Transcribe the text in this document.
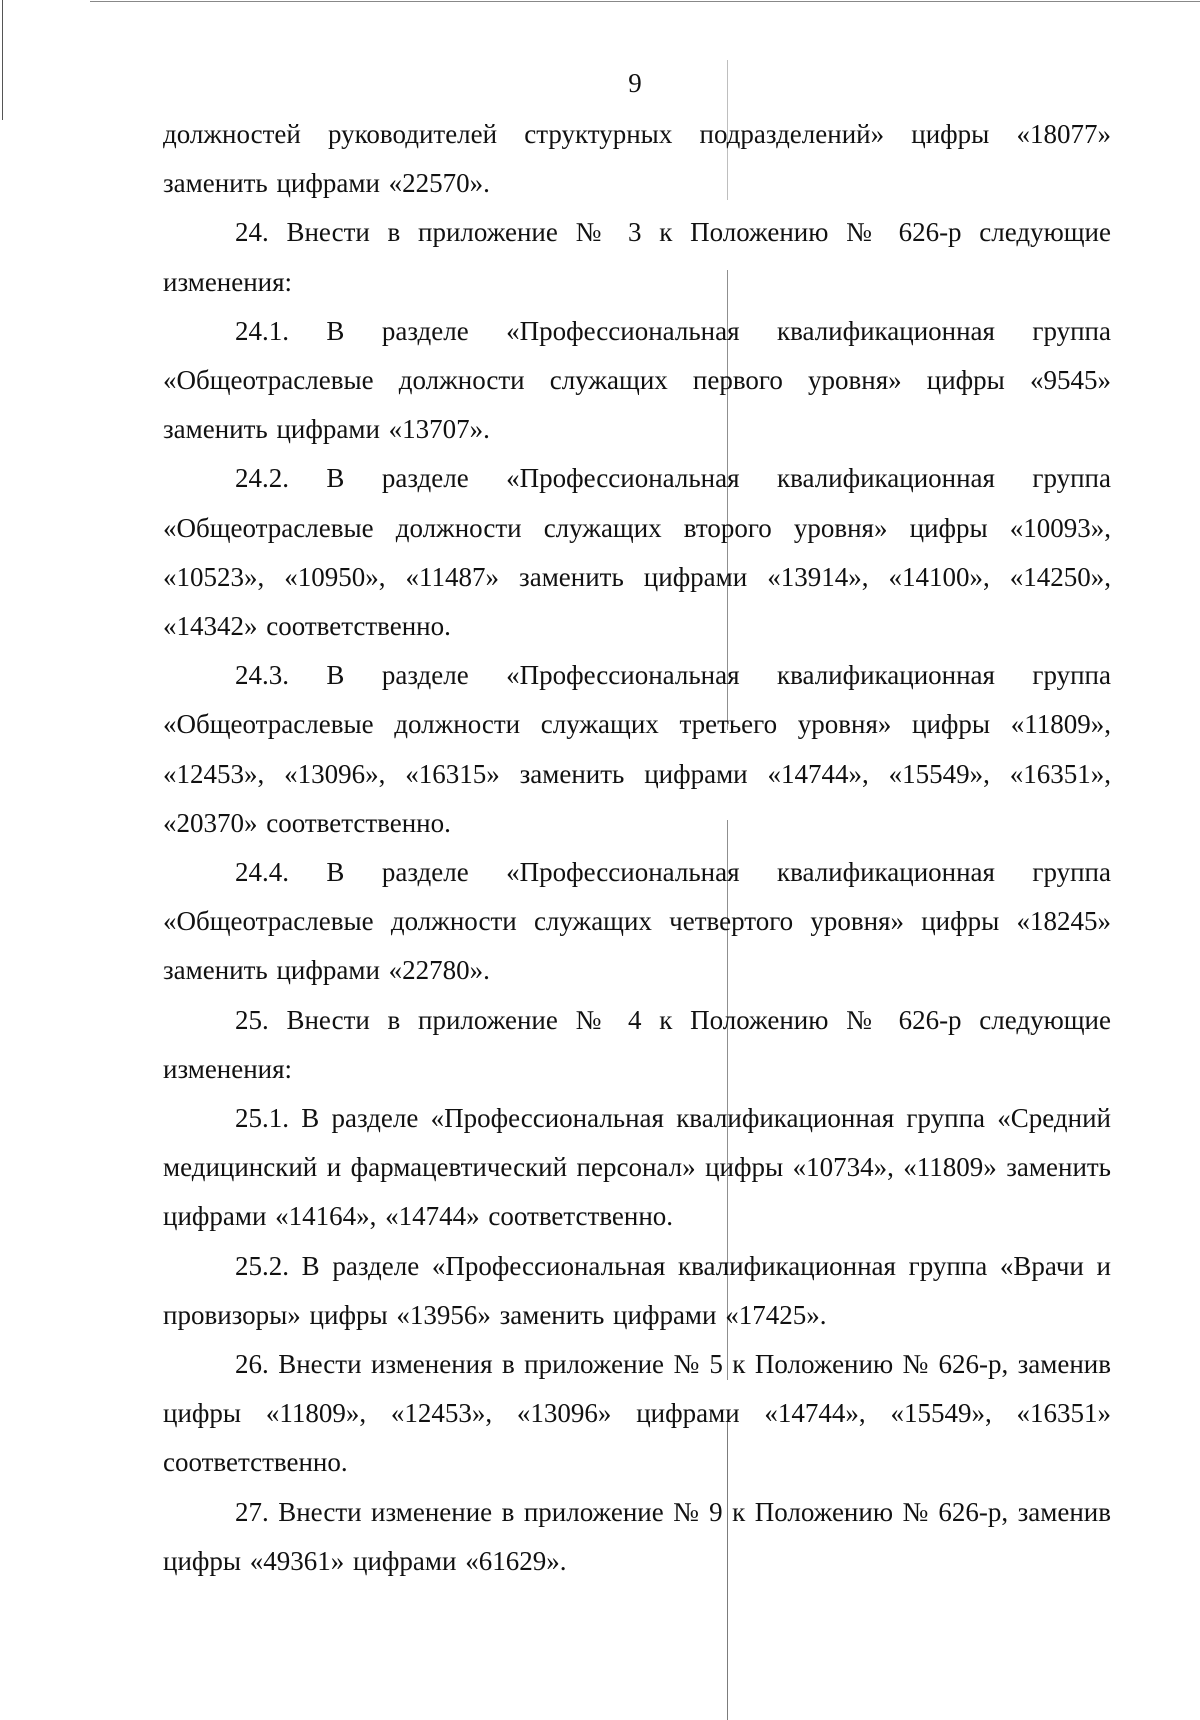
9

должностей руководителей структурных подразделений» цифры «18077» заменить цифрами «22570».

24. Внести в приложение № 3 к Положению № 626-р следующие изменения:

24.1. В разделе «Профессиональная квалификационная группа «Общеотраслевые должности служащих первого уровня» цифры «9545» заменить цифрами «13707».

24.2. В разделе «Профессиональная квалификационная группа «Общеотраслевые должности служащих второго уровня» цифры «10093», «10523», «10950», «11487» заменить цифрами «13914», «14100», «14250», «14342» соответственно.

24.3. В разделе «Профессиональная квалификационная группа «Общеотраслевые должности служащих третьего уровня» цифры «11809», «12453», «13096», «16315» заменить цифрами «14744», «15549», «16351», «20370» соответственно.

24.4. В разделе «Профессиональная квалификационная группа «Общеотраслевые должности служащих четвертого уровня» цифры «18245» заменить цифрами «22780».

25. Внести в приложение № 4 к Положению № 626-р следующие изменения:

25.1. В разделе «Профессиональная квалификационная группа «Средний медицинский и фармацевтический персонал» цифры «10734», «11809» заменить цифрами «14164», «14744» соответственно.

25.2. В разделе «Профессиональная квалификационная группа «Врачи и провизоры» цифры «13956» заменить цифрами «17425».

26. Внести изменения в приложение № 5 к Положению № 626-р, заменив цифры «11809», «12453», «13096» цифрами «14744», «15549», «16351» соответственно.

27. Внести изменение в приложение № 9 к Положению № 626-р, заменив цифры «49361» цифрами «61629».
